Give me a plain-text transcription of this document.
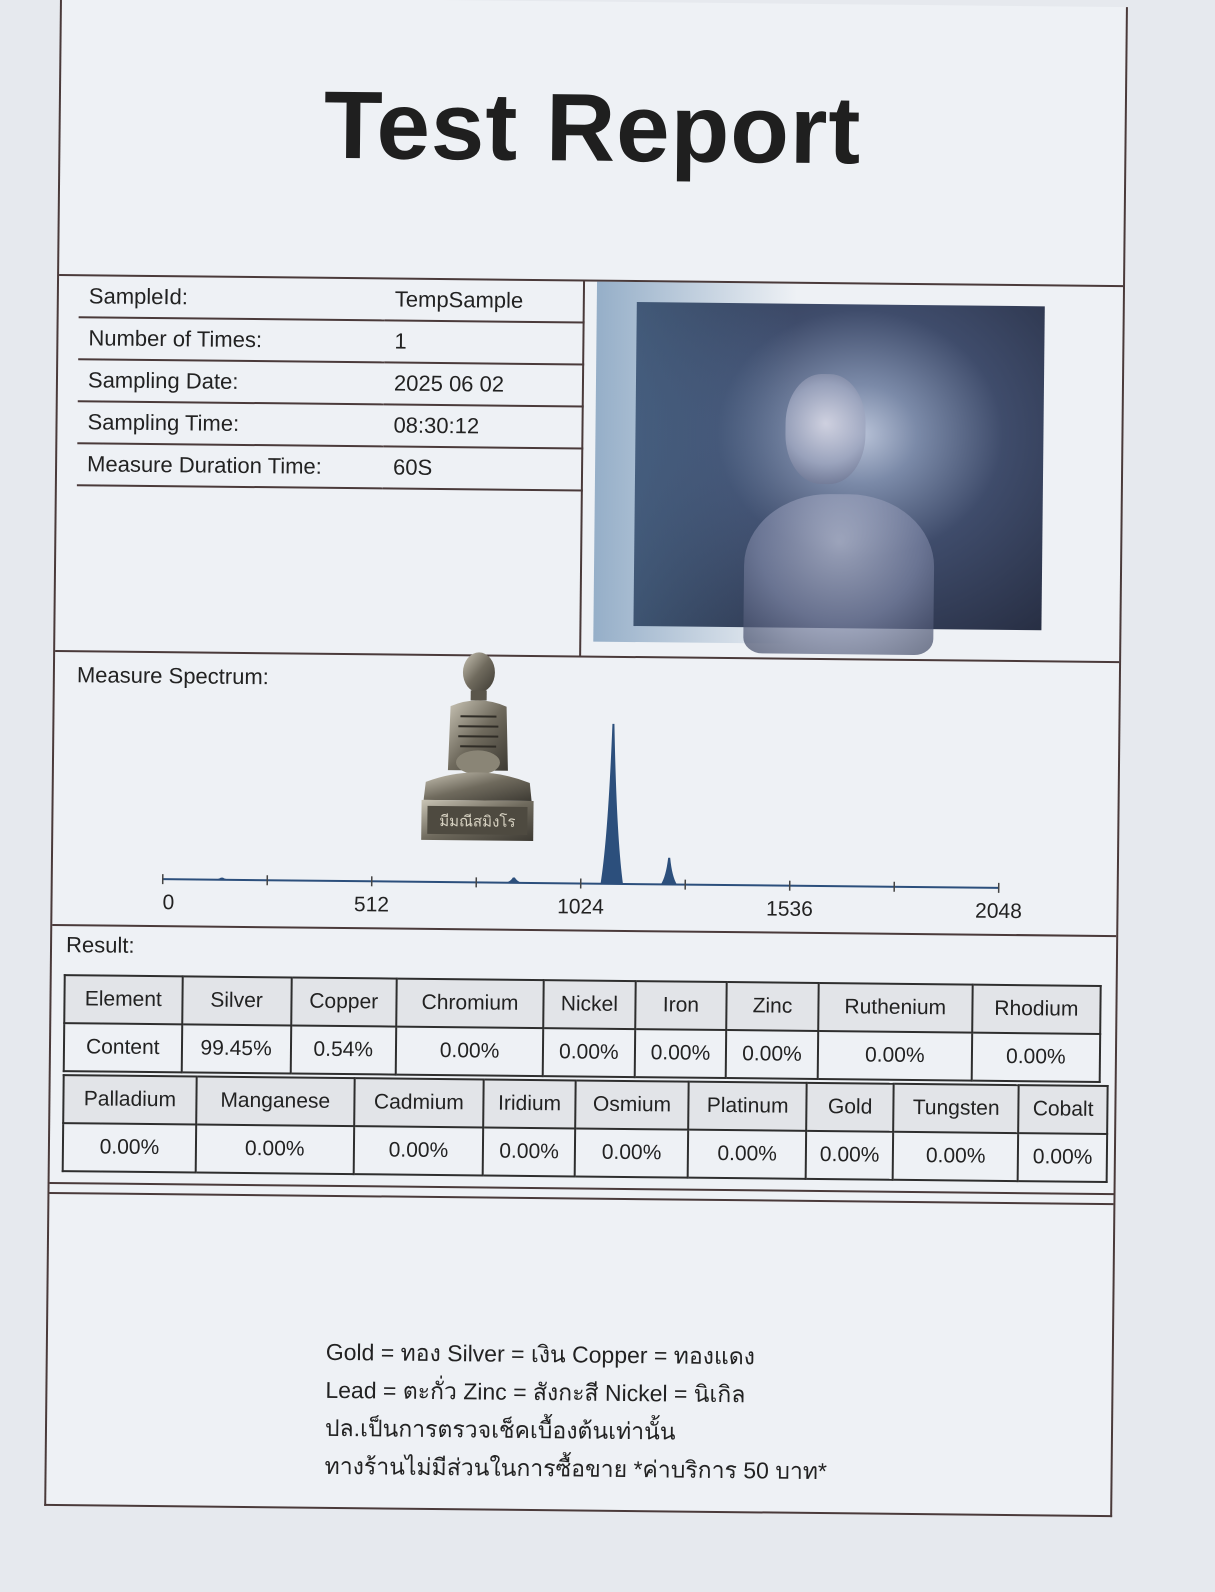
Test Report
SampleId:	TempSample
Number of Times:	1
Sampling Date:	2025 06 02
Sampling Time:	08:30:12
Measure Duration Time:	60S
Measure Spectrum:
0	512	1024	1536	2048
มีมณีสมิงโร
Result:
Element	Silver	Copper	Chromium	Nickel	Iron	Zinc	Ruthenium	Rhodium
Content	99.45%	0.54%	0.00%	0.00%	0.00%	0.00%	0.00%	0.00%
Palladium	Manganese	Cadmium	Iridium	Osmium	Platinum	Gold	Tungsten	Cobalt
0.00%	0.00%	0.00%	0.00%	0.00%	0.00%	0.00%	0.00%	0.00%
Gold = ทอง Silver = เงิน Copper = ทองแดง
Lead = ตะกั่ว Zinc = สังกะสี Nickel = นิเกิล
ปล.เป็นการตรวจเช็คเบื้องต้นเท่านั้น
ทางร้านไม่มีส่วนในการซื้อขาย *ค่าบริการ 50 บาท*
